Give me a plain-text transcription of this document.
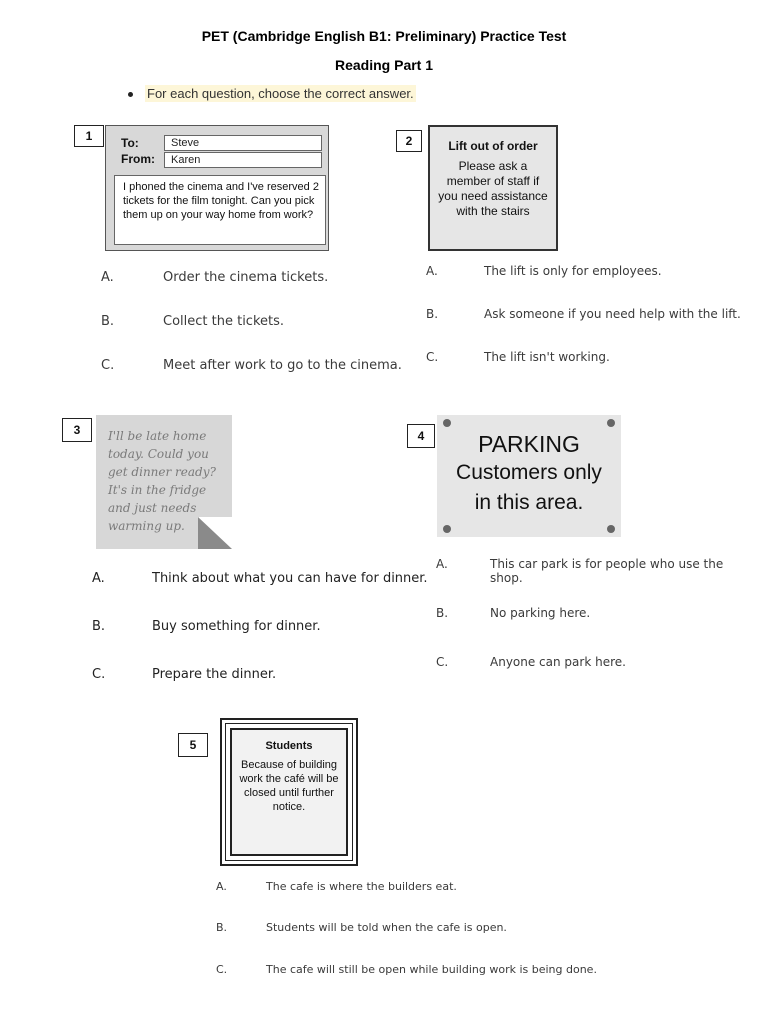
PET (Cambridge English B1: Preliminary) Practice Test
Reading Part 1
For each question, choose the correct answer.
1	To:	Steve
From:	Karen
I phoned the cinema and I've reserved 2 tickets for the film tonight. Can you pick them up on your way home from work?
A.	Order the cinema tickets.
B.	Collect the tickets.
C.	Meet after work to go to the cinema.
2	Lift out of order
Please ask a member of staff if you need assistance with the stairs
A.	The lift is only for employees.
B.	Ask someone if you need help with the lift.
C.	The lift isn't working.
3	I'll be late home today. Could you get dinner ready? It's in the fridge and just needs warming up.
A.	Think about what you can have for dinner.
B.	Buy something for dinner.
C.	Prepare the dinner.
4	PARKING
Customers only
in this area.
A.	This car park is for people who use the shop.
B.	No parking here.
C.	Anyone can park here.
5	Students
Because of building work the café will be closed until further notice.
A.	The cafe is where the builders eat.
B.	Students will be told when the cafe is open.
C.	The cafe will still be open while building work is being done.
